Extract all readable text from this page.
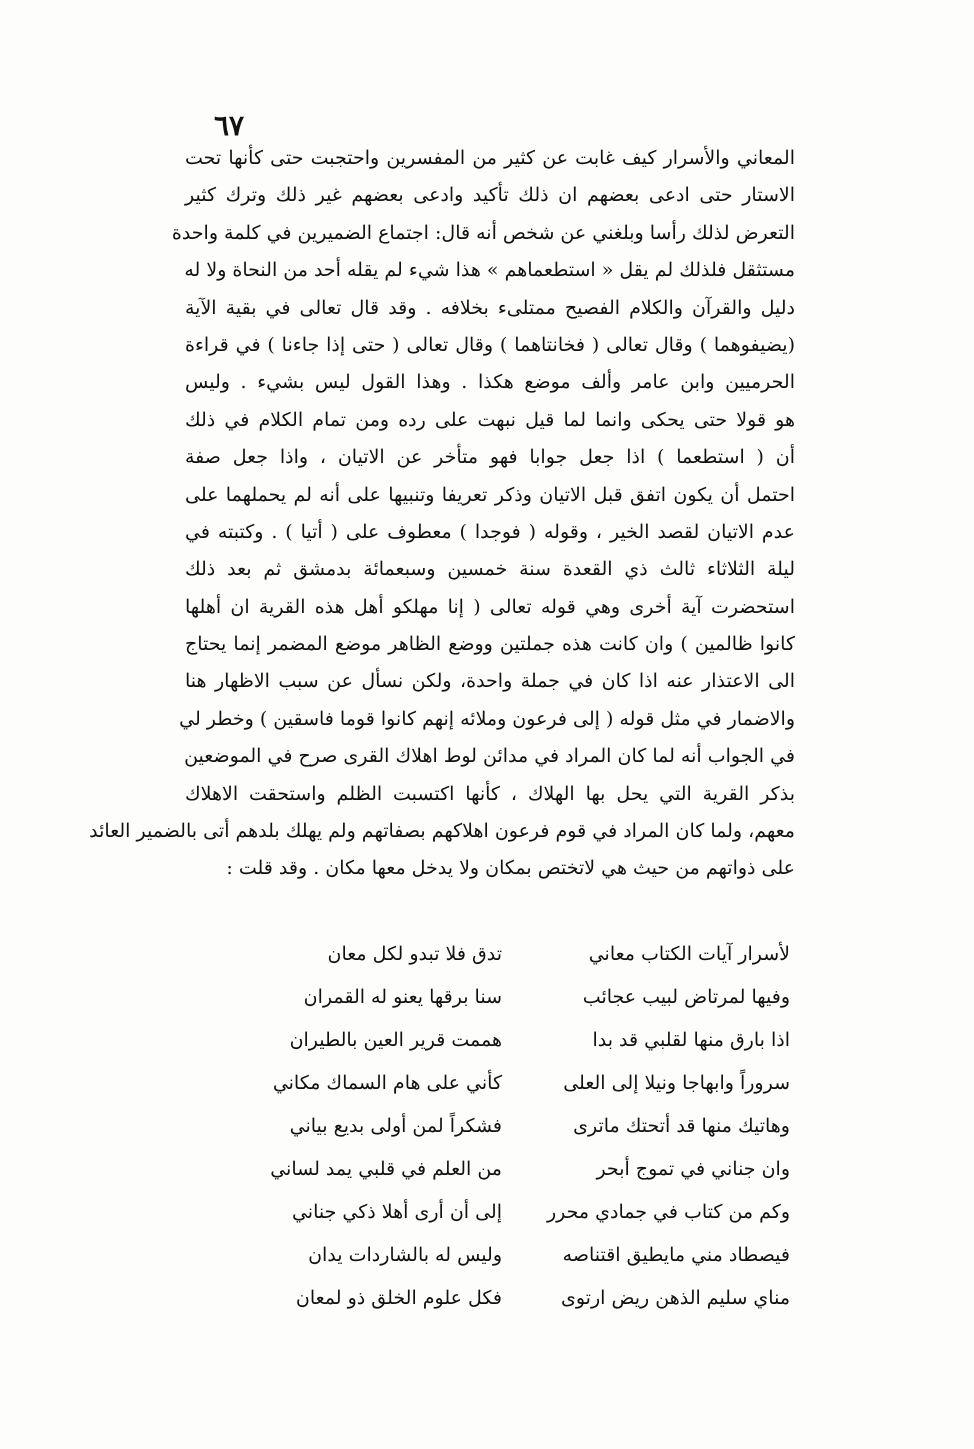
٦٧
المعاني والأسرار كيف غابت عن كثير من المفسرين واحتجبت حتى كأنها تحت
الاستار حتى ادعى بعضهم ان ذلك تأكيد وادعى بعضهم غير ذلك وترك كثير
التعرض لذلك رأسا وبلغني عن شخص أنه قال: اجتماع الضميرين في كلمة واحدة
مستثقل فلذلك لم يقل « استطعماهم » هذا شيء لم يقله أحد من النحاة ولا له
دليل والقرآن والكلام الفصيح ممتلىء بخلافه . وقد قال تعالى في بقية الآية
(يضيفوهما ) وقال تعالى ( فخانتاهما ) وقال تعالى ( حتى إذا جاءنا ) في قراءة
الحرميين وابن عامر وألف موضع هكذا . وهذا القول ليس بشيء . وليس
هو قولا حتى يحكى وانما لما قيل نبهت على رده ومن تمام الكلام في ذلك
أن ( استطعما ) اذا جعل جوابا فهو متأخر عن الاتيان ، واذا جعل صفة
احتمل أن يكون اتفق قبل الاتيان وذكر تعريفا وتنبيها على أنه لم يحملهما على
عدم الاتيان لقصد الخير ، وقوله ( فوجدا ) معطوف على ( أتيا ) . وكتبته في
ليلة الثلاثاء ثالث ذي القعدة سنة خمسين وسبعمائة بدمشق ثم بعد ذلك
استحضرت آية أخرى وهي قوله تعالى ( إنا مهلكو أهل هذه القرية ان أهلها
كانوا ظالمين ) وان كانت هذه جملتين ووضع الظاهر موضع المضمر إنما يحتاج
الى الاعتذار عنه اذا كان في جملة واحدة، ولكن نسأل عن سبب الاظهار هنا
والاضمار في مثل قوله ( إلى فرعون وملائه إنهم كانوا قوما فاسقين ) وخطر لي
في الجواب أنه لما كان المراد في مدائن لوط اهلاك القرى صرح في الموضعين
بذكر القرية التي يحل بها الهلاك ، كأنها اكتسبت الظلم واستحقت الاهلاك
معهم، ولما كان المراد في قوم فرعون اهلاكهم بصفاتهم ولم يهلك بلدهم أتى بالضمير العائد
على ذواتهم من حيث هي لاتختص بمكان ولا يدخل معها مكان . وقد قلت :
لأسرار آيات الكتاب معاني
تدق فلا تبدو لكل معان
وفيها لمرتاض لبيب عجائب
سنا برقها يعنو له القمران
اذا بارق منها لقلبي قد بدا
هممت قرير العين بالطيران
سروراً وابهاجا ونيلا إلى العلى
كأني على هام السماك مكاني
وهاتيك منها قد أتحتك ماترى
فشكراً لمن أولى بديع بياني
وان جناني في تموج أبحر
من العلم في قلبي يمد لساني
وكم من كتاب في جمادي محرر
إلى أن أرى أهلا ذكي جناني
فيصطاد مني مايطيق اقتناصه
وليس له بالشاردات يدان
مناي سليم الذهن ريض ارتوى
فكل علوم الخلق ذو لمعان
